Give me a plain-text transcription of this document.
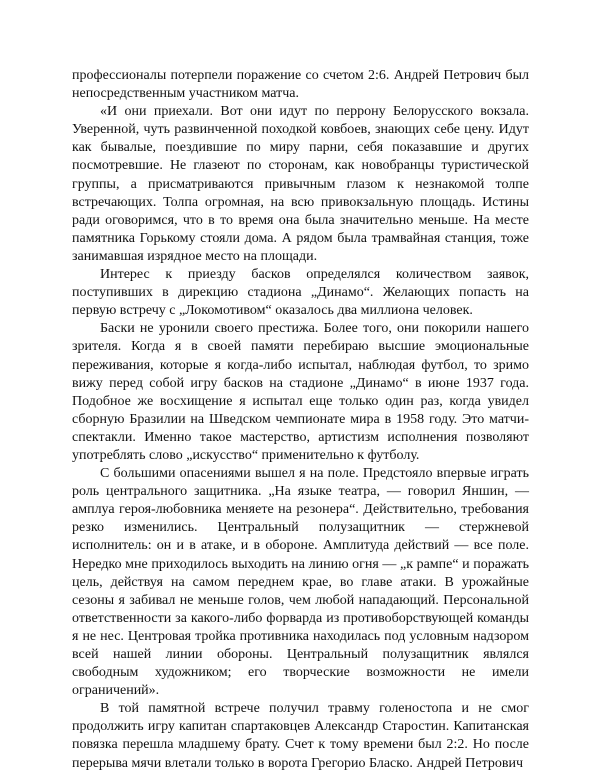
профессионалы потерпели поражение со счетом 2:6. Андрей Петрович был непосредственным участником матча.

«И они приехали. Вот они идут по перрону Белорусского вокзала. Уверенной, чуть развинченной походкой ковбоев, знающих себе цену. Идут как бывалые, поездившие по миру парни, себя показавшие и других посмотревшие. Не глазеют по сторонам, как новобранцы туристической группы, а присматриваются привычным глазом к незнакомой толпе встречающих. Толпа огромная, на всю привокзальную площадь. Истины ради оговоримся, что в то время она была значительно меньше. На месте памятника Горькому стояли дома. А рядом была трамвайная станция, тоже занимавшая изрядное место на площади.

Интерес к приезду басков определялся количеством заявок, поступивших в дирекцию стадиона „Динамо“. Желающих попасть на первую встречу с „Локомотивом“ оказалось два миллиона человек.

Баски не уронили своего престижа. Более того, они покорили нашего зрителя. Когда я в своей памяти перебираю высшие эмоциональные переживания, которые я когда-либо испытал, наблюдая футбол, то зримо вижу перед собой игру басков на стадионе „Динамо“ в июне 1937 года. Подобное же восхищение я испытал еще только один раз, когда увидел сборную Бразилии на Шведском чемпионате мира в 1958 году. Это матчи-спектакли. Именно такое мастерство, артистизм исполнения позволяют употреблять слово „искусство“ применительно к футболу.

С большими опасениями вышел я на поле. Предстояло впервые играть роль центрального защитника. „На языке театра, — говорил Яншин, — амплуа героя-любовника меняете на резонера“. Действительно, требования резко изменились. Центральный полузащитник — стержневой исполнитель: он и в атаке, и в обороне. Амплитуда действий — все поле. Нередко мне приходилось выходить на линию огня — „к рампе“ и поражать цель, действуя на самом переднем крае, во главе атаки. В урожайные сезоны я забивал не меньше голов, чем любой нападающий. Персональной ответственности за какого-либо форварда из противоборствующей команды я не нес. Центровая тройка противника находилась под условным надзором всей нашей линии обороны. Центральный полузащитник являлся свободным художником; его творческие возможности не имели ограничений».

В той памятной встрече получил травму голеностопа и не смог продолжить игру капитан спартаковцев Александр Старостин. Капитанская повязка перешла младшему брату. Счет к тому времени был 2:2. Но после перерыва мячи влетали только в ворота Грегорио Бласко. Андрей Петрович
